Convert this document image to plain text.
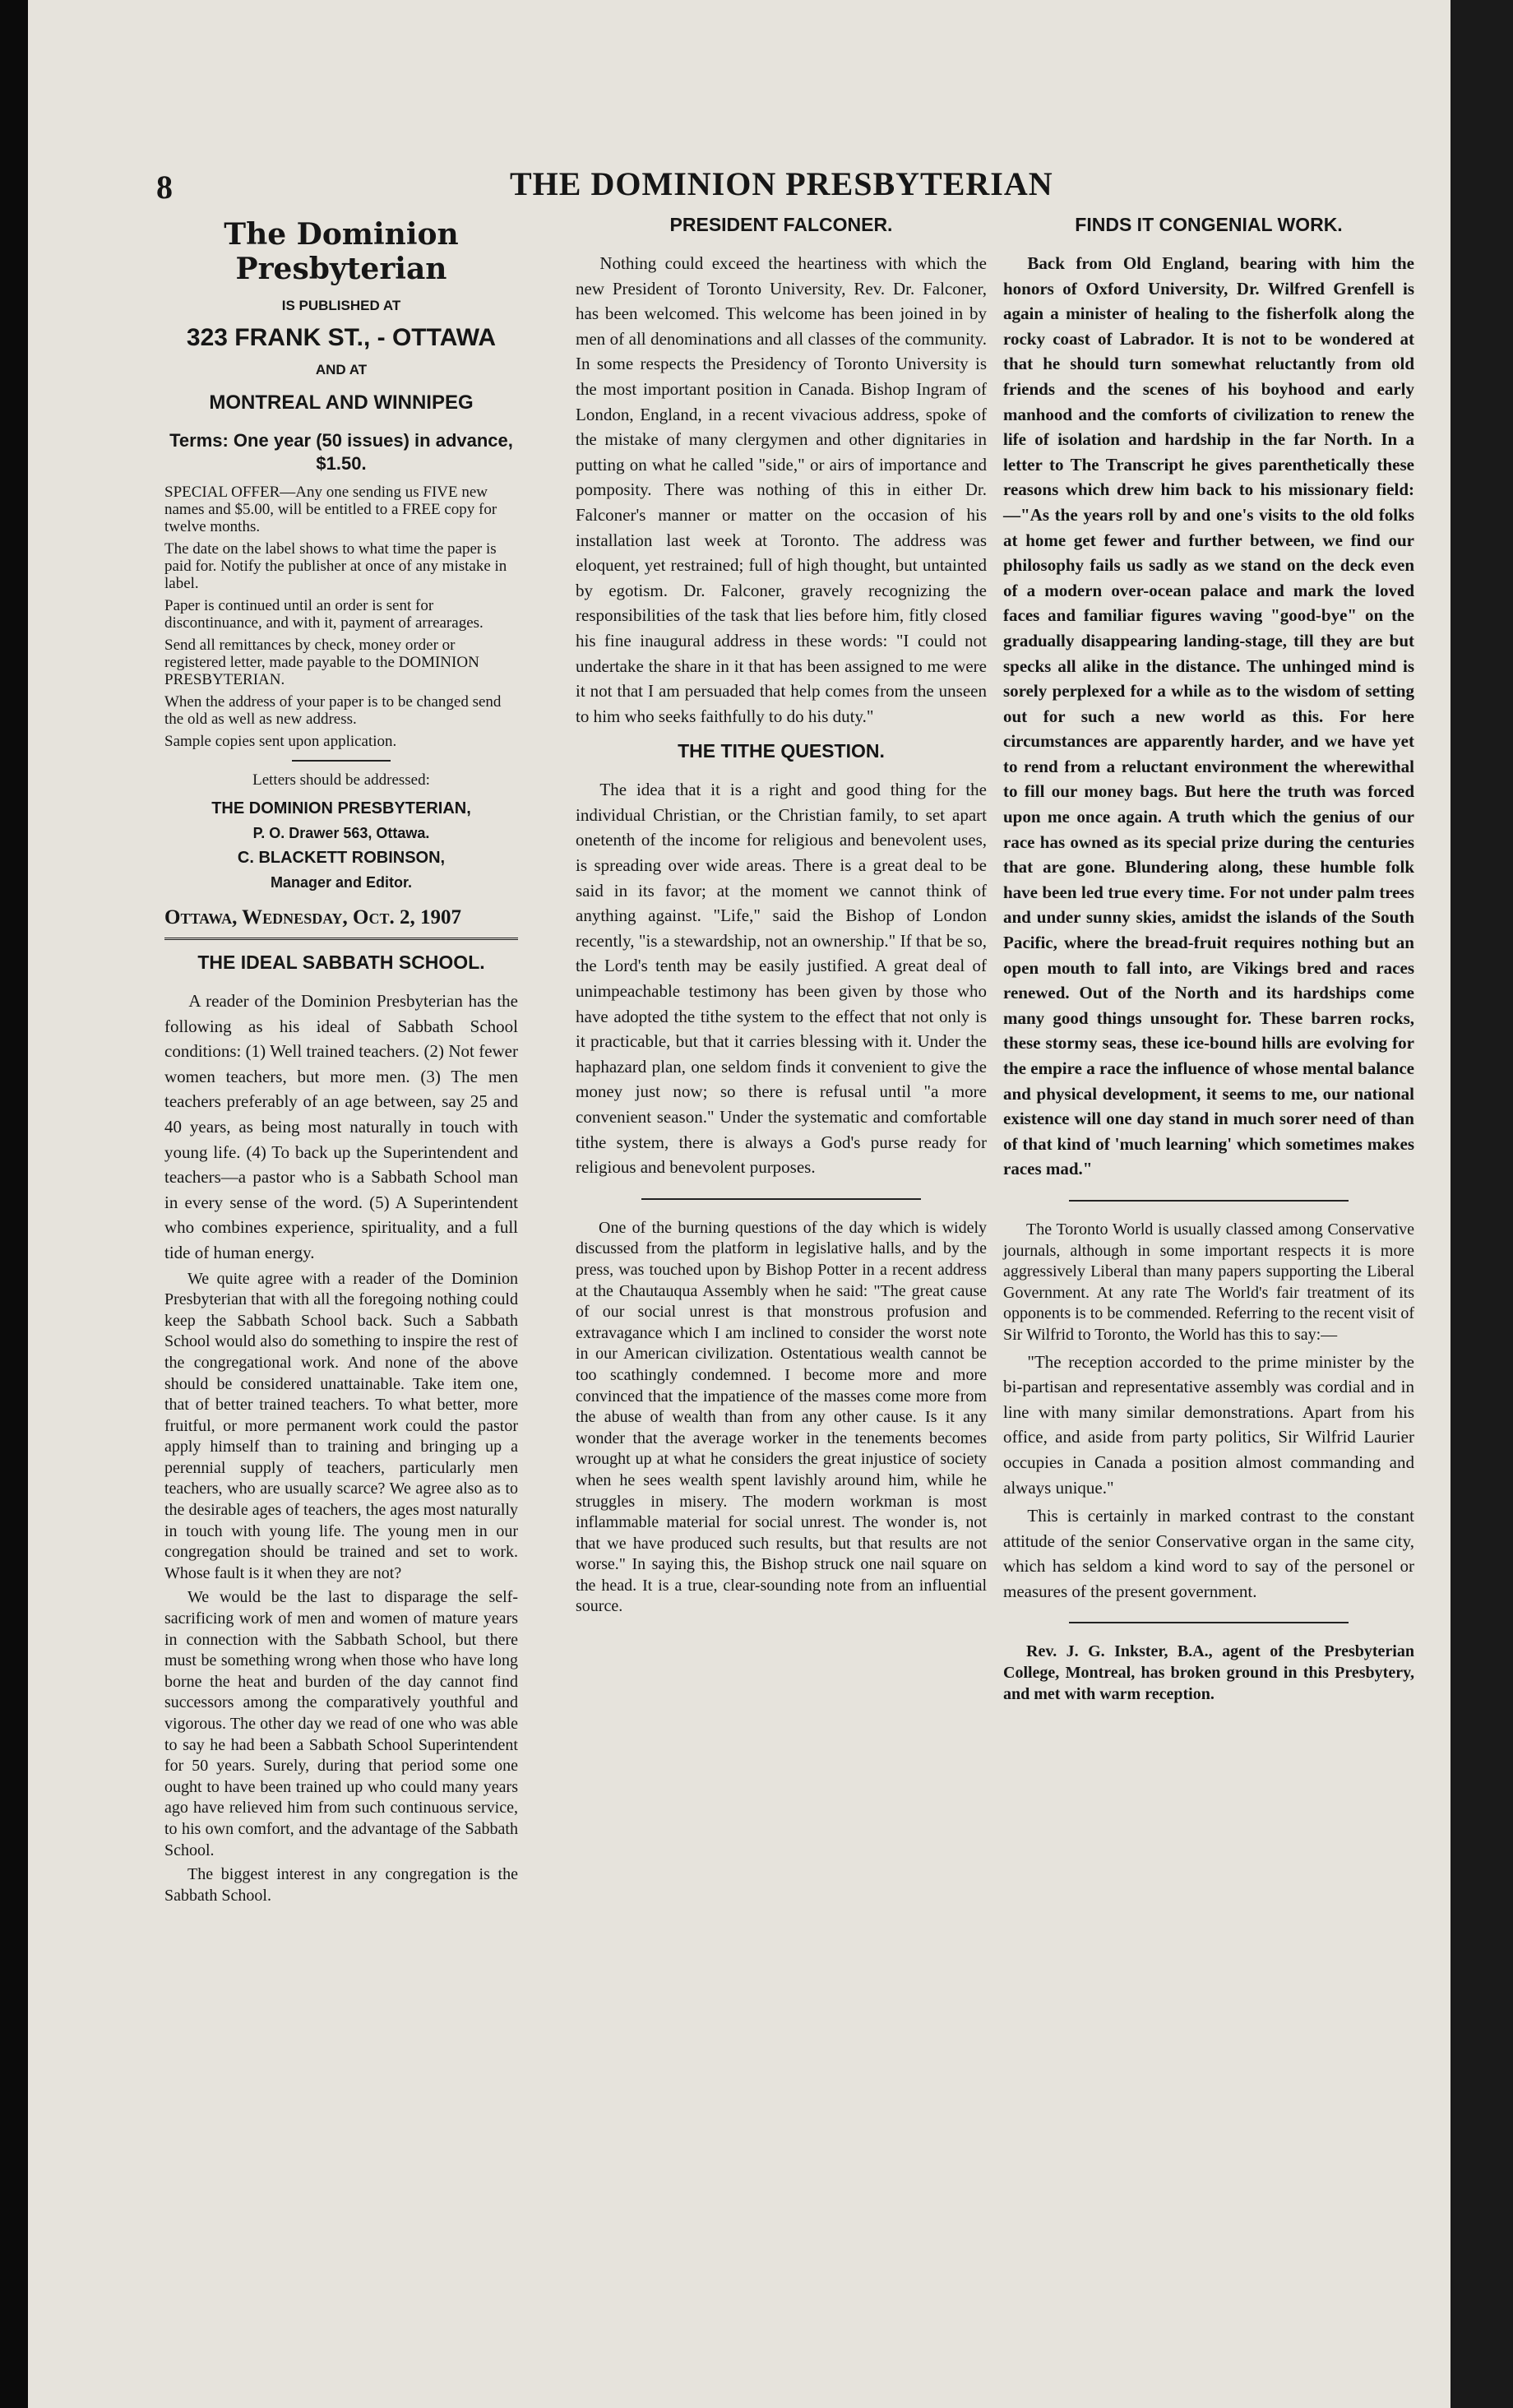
8	THE DOMINION PRESBYTERIAN
The Dominion Presbyterian
IS PUBLISHED AT
323 FRANK ST., - OTTAWA
AND AT
MONTREAL AND WINNIPEG
Terms: One year (50 issues) in advance, $1.50.

SPECIAL OFFER—Any one sending us FIVE new names and $5.00, will be entitled to a FREE copy for twelve months.

The date on the label shows to what time the paper is paid for. Notify the publisher at once of any mistake in label.

Paper is continued until an order is sent for discontinuance, and with it, payment of arrearages.

Send all remittances by check, money order or registered letter, made payable to the DOMINION PRESBYTERIAN.

When the address of your paper is to be changed send the old as well as new address.

Sample copies sent upon application.

Letters should be addressed:
THE DOMINION PRESBYTERIAN,
P. O. Drawer 563, Ottawa.
C. BLACKETT ROBINSON,
Manager and Editor.
Ottawa, Wednesday, Oct. 2, 1907
THE IDEAL SABBATH SCHOOL.

A reader of the Dominion Presbyterian has the following as his ideal of Sabbath School conditions: (1) Well trained teachers. (2) Not fewer women teachers, but more men. (3) The men teachers preferably of an age between, say 25 and 40 years, as being most naturally in touch with young life. (4) To back up the Superintendent and teachers—a pastor who is a Sabbath School man in every sense of the word. (5) A Superintendent who combines experience, spirituality, and a full tide of human energy.

We quite agree with a reader of the Dominion Presbyterian that with all the foregoing nothing could keep the Sabbath School back. Such a Sabbath School would also do something to inspire the rest of the congregational work. And none of the above should be considered unattainable. Take item one, that of better trained teachers. To what better, more fruitful, or more permanent work could the pastor apply himself than to training and bringing up a perennial supply of teachers, particularly men teachers, who are usually scarce? We agree also as to the desirable ages of teachers, the ages most naturally in touch with young life. The young men in our congregation should be trained and set to work. Whose fault is it when they are not?

We would be the last to disparage the self-sacrificing work of men and women of mature years in connection with the Sabbath School, but there must be something wrong when those who have long borne the heat and burden of the day cannot find successors among the comparatively youthful and vigorous. The other day we read of one who was able to say he had been a Sabbath School Superintendent for 50 years. Surely, during that period some one ought to have been trained up who could many years ago have relieved him from such continuous service, to his own comfort, and the advantage of the Sabbath School.

The biggest interest in any congregation is the Sabbath School.

PRESIDENT FALCONER.

Nothing could exceed the heartiness with which the new President of Toronto University, Rev. Dr. Falconer, has been welcomed. This welcome has been joined in by men of all denominations and all classes of the community. In some respects the Presidency of Toronto University is the most important position in Canada. Bishop Ingram of London, England, in a recent vivacious address, spoke of the mistake of many clergymen and other dignitaries in putting on what he called "side," or airs of importance and pomposity. There was nothing of this in either Dr. Falconer's manner or matter on the occasion of his installation last week at Toronto. The address was eloquent, yet restrained; full of high thought, but untainted by egotism. Dr. Falconer, gravely recognizing the responsibilities of the task that lies before him, fitly closed his fine inaugural address in these words: "I could not undertake the share in it that has been assigned to me were it not that I am persuaded that help comes from the unseen to him who seeks faithfully to do his duty."

THE TITHE QUESTION.

The idea that it is a right and good thing for the individual Christian, or the Christian family, to set apart onetenth of the income for religious and benevolent uses, is spreading over wide areas. There is a great deal to be said in its favor; at the moment we cannot think of anything against. "Life," said the Bishop of London recently, "is a stewardship, not an ownership." If that be so, the Lord's tenth may be easily justified. A great deal of unimpeachable testimony has been given by those who have adopted the tithe system to the effect that not only is it practicable, but that it carries blessing with it. Under the haphazard plan, one seldom finds it convenient to give the money just now; so there is refusal until "a more convenient season." Under the systematic and comfortable tithe system, there is always a God's purse ready for religious and benevolent purposes.

One of the burning questions of the day which is widely discussed from the platform in legislative halls, and by the press, was touched upon by Bishop Potter in a recent address at the Chautauqua Assembly when he said: "The great cause of our social unrest is that monstrous profusion and extravagance which I am inclined to consider the worst note in our American civilization. Ostentatious wealth cannot be too scathingly condemned. I become more and more convinced that the impatience of the masses come more from the abuse of wealth than from any other cause. Is it any wonder that the average worker in the tenements becomes wrought up at what he considers the great injustice of society when he sees wealth spent lavishly around him, while he struggles in misery. The modern workman is most inflammable material for social unrest. The wonder is, not that we have produced such results, but that results are not worse." In saying this, the Bishop struck one nail square on the head. It is a true, clear-sounding note from an influential source.

FINDS IT CONGENIAL WORK.

Back from Old England, bearing with him the honors of Oxford University, Dr. Wilfred Grenfell is again a minister of healing to the fisherfolk along the rocky coast of Labrador. It is not to be wondered at that he should turn somewhat reluctantly from old friends and the scenes of his boyhood and early manhood and the comforts of civilization to renew the life of isolation and hardship in the far North. In a letter to The Transcript he gives parenthetically these reasons which drew him back to his missionary field:—"As the years roll by and one's visits to the old folks at home get fewer and further between, we find our philosophy fails us sadly as we stand on the deck even of a modern over-ocean palace and mark the loved faces and familiar figures waving "good-bye" on the gradually disappearing landing-stage, till they are but specks all alike in the distance. The unhinged mind is sorely perplexed for a while as to the wisdom of setting out for such a new world as this. For here circumstances are apparently harder, and we have yet to rend from a reluctant environment the wherewithal to fill our money bags. But here the truth was forced upon me once again. A truth which the genius of our race has owned as its special prize during the centuries that are gone. Blundering along, these humble folk have been led true every time. For not under palm trees and under sunny skies, amidst the islands of the South Pacific, where the bread-fruit requires nothing but an open mouth to fall into, are Vikings bred and races renewed. Out of the North and its hardships come many good things unsought for. These barren rocks, these stormy seas, these ice-bound hills are evolving for the empire a race the influence of whose mental balance and physical development, it seems to me, our national existence will one day stand in much sorer need of than of that kind of 'much learning' which sometimes makes races mad."

The Toronto World is usually classed among Conservative journals, although in some important respects it is more aggressively Liberal than many papers supporting the Liberal Government. At any rate The World's fair treatment of its opponents is to be commended. Referring to the recent visit of Sir Wilfrid to Toronto, the World has this to say:—

"The reception accorded to the prime minister by the bi-partisan and representative assembly was cordial and in line with many similar demonstrations. Apart from his office, and aside from party politics, Sir Wilfrid Laurier occupies in Canada a position almost commanding and always unique."

This is certainly in marked contrast to the constant attitude of the senior Conservative organ in the same city, which has seldom a kind word to say of the personel or measures of the present government.

Rev. J. G. Inkster, B.A., agent of the Presbyterian College, Montreal, has broken ground in this Presbytery, and met with warm reception.
